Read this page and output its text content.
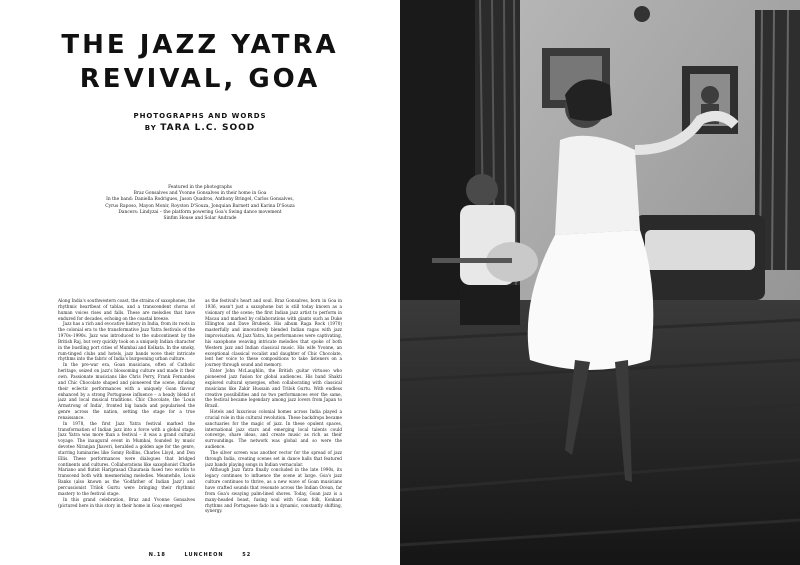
THE JAZZ YATRA
REVIVAL, GOA
PHOTOGRAPHS AND WORDS
BY TARA L.C. SOOD
Featured in the photographs
Braz Gonsalves and Yvonne Gonsalves in their home in Goa
In the band: Daniella Rodrigues, Jason Quadros, Anthony Bringel, Carlos Gonsalves,
Cyrus Raposo, Mayon Monir, Royston D'Souza, Jonquian Barnett and Karina D'Souza
Dancers: Lindyzai – the platform powering Goa's Swing dance movement
Sinfim House and Solar Andrade

Along India's southwestern coast, the strains of saxophones, the rhythmic heartbeat of tablas, and a transcendent chorus of human voices rises and falls. These are melodies that have endured for decades, echoing on the coastal breeze.

Jazz has a rich and evocative history in India, from its roots in the colonial era to the transformative Jazz Yatra festivals of the 1970s–1990s. Jazz was introduced to the subcontinent by the British Raj, but very quickly took on a uniquely Indian character in the bustling port cities of Mumbai and Kolkata. In the smoky, rum-tinged clubs and hotels, jazz bands wove their intricate rhythms into the fabric of India's burgeoning urban culture.

In the pre-war era, Goan musicians, often of Catholic heritage, seized on jazz's blossoming culture and made it their own. Passionate musicians like Chris Perry, Frank Fernandes and Chic Chocolate shaped and pioneered the scene, infusing their eclectic performances with a uniquely Goan flavour enhanced by a strong Portuguese influence – a heady blend of jazz and local musical traditions. Chic Chocolate, the 'Louis Armstrong of India', fronted big bands and popularised the genre across the nation, setting the stage for a true renaissance.

In 1978, the first Jazz Yatra festival marked the transformation of Indian jazz into a force with a global stage. Jazz Yatra was more than a festival – it was a grand cultural voyage. The inaugural event in Mumbai, founded by music devotee Niranjan Jhaveri, heralded a golden age for the genre, starring luminaries like Sonny Rollins, Charles Lloyd, and Don Ellis. These performances were dialogues that bridged continents and cultures. Collaborations like saxophonist Charlie Mariano and flutist Hariprasad Chaurasia fused two worlds to transcend both with mesmerising melodies. Meanwhile, Louis Banks (also known as the 'Godfather of Indian Jazz') and percussionist Trilok Gurtu were bringing their rhythmic mastery to the festival stage.

In this grand celebration, Braz and Yvonne Gonsalves (pictured here in this story in their home in Goa) emerged

as the festival's heart and soul. Braz Gonsalves, born in Goa in 1936, wasn't just a saxophone but is still today known as a visionary of the scene; the first Indian jazz artist to perform in Macau and marked by collaborations with giants such as Duke Ellington and Dave Brubeck. His album Raga Rock (1970) masterfully and innovatively blended Indian ragas with jazz improvisation. At Jazz Yatra, his performances were captivating, his saxophone weaving intricate melodies that spoke of both Western jazz and Indian classical music. His wife Yvonne, an exceptional classical vocalist and daughter of Chic Chocolate, lent her voice to these compositions to take listeners on a journey through sound and memory.

Enter John McLaughlin, the British guitar virtuoso who pioneered jazz fusion for global audiences. His band Shakti explored cultural synergies, often collaborating with classical musicians like Zakir Hussain and Trilok Gurtu. With endless creative possibilities and no two performances ever the same, the festival became legendary among jazz lovers from Japan to Brazil.

Hotels and luxurious colonial homes across India played a crucial role in this cultural revolution. These backdrops became sanctuaries for the magic of jazz. In these opulent spaces, international jazz stars and emerging local talents could converge, share ideas, and create music as rich as their surroundings. The network was global and so were the audience.

The silver screen was another vector for the spread of jazz through India, creating scenes set in dance halls that featured jazz bands playing songs in Indian vernacular.

Although Jazz Yatra finally concluded in the late 1990s, its legacy continues to influence the scene at large. Goa's jazz culture continues to thrive, as a new wave of Goan musicians have crafted sounds that resonate across the Indian Ocean, far from Goa's swaying palm-lined shores. Today, Goan jazz is a many-headed beast, fusing soul with Goan folk, Konkani rhythms and Portuguese fado in a dynamic, constantly shifting, synergy.

N.18	LUNCHEON	52
